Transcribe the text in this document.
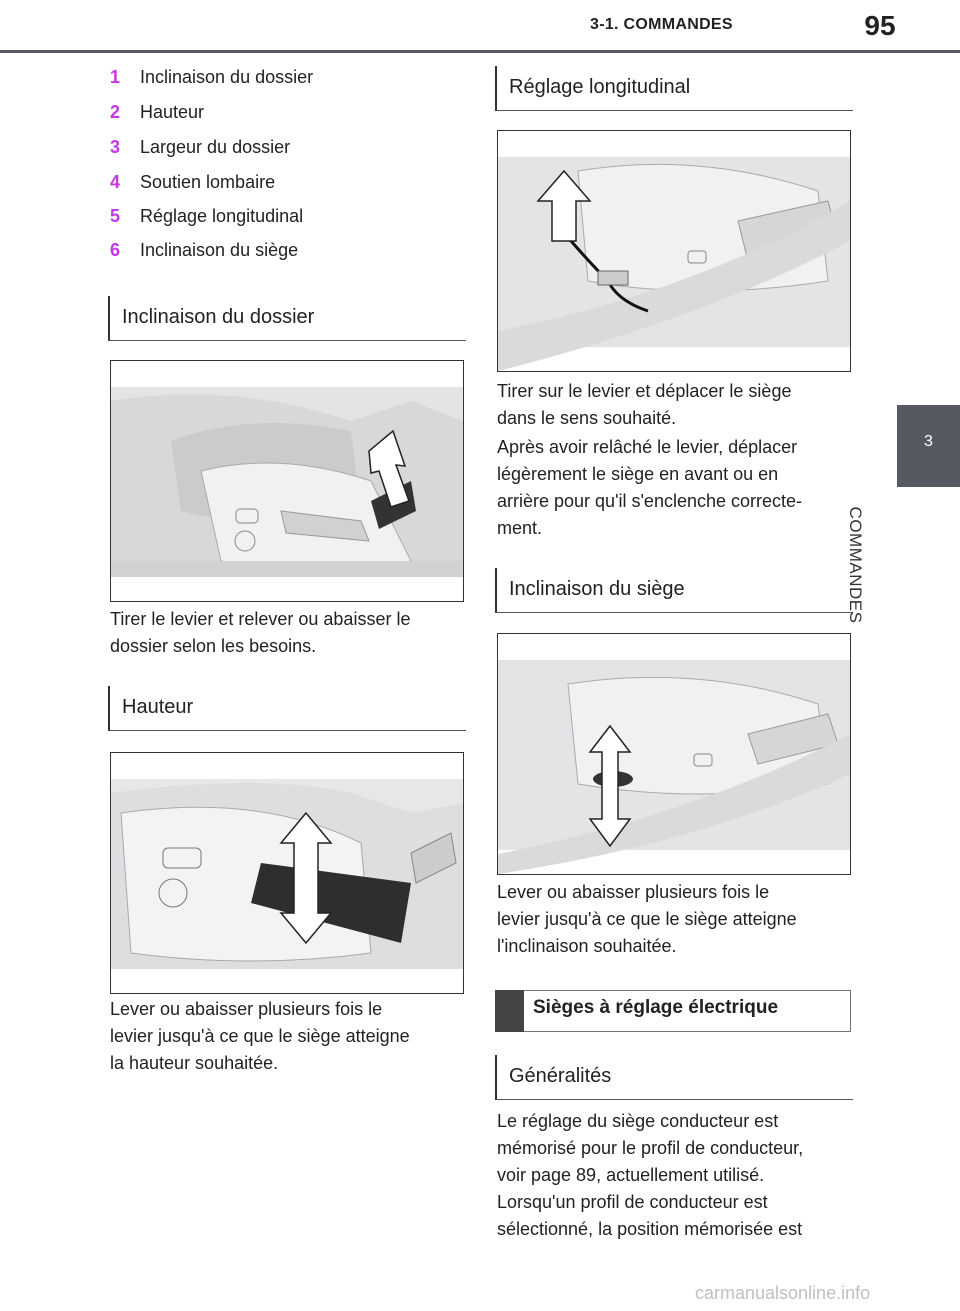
3-1. COMMANDES	95
3
COMMANDES
1 Inclinaison du dossier
2 Hauteur
3 Largeur du dossier
4 Soutien lombaire
5 Réglage longitudinal
6 Inclinaison du siège
Inclinaison du dossier
Tirer le levier et relever ou abaisser le
dossier selon les besoins.
Hauteur
Lever ou abaisser plusieurs fois le
levier jusqu'à ce que le siège atteigne
la hauteur souhaitée.
Réglage longitudinal
Tirer sur le levier et déplacer le siège
dans le sens souhaité.
Après avoir relâché le levier, déplacer
légèrement le siège en avant ou en
arrière pour qu'il s'enclenche correcte-
ment.
Inclinaison du siège
Lever ou abaisser plusieurs fois le
levier jusqu'à ce que le siège atteigne
l'inclinaison souhaitée.
Sièges à réglage électrique
Généralités
Le réglage du siège conducteur est
mémorisé pour le profil de conducteur,
voir page 89, actuellement utilisé.
Lorsqu'un profil de conducteur est
sélectionné, la position mémorisée est
carmanualsonline.info
